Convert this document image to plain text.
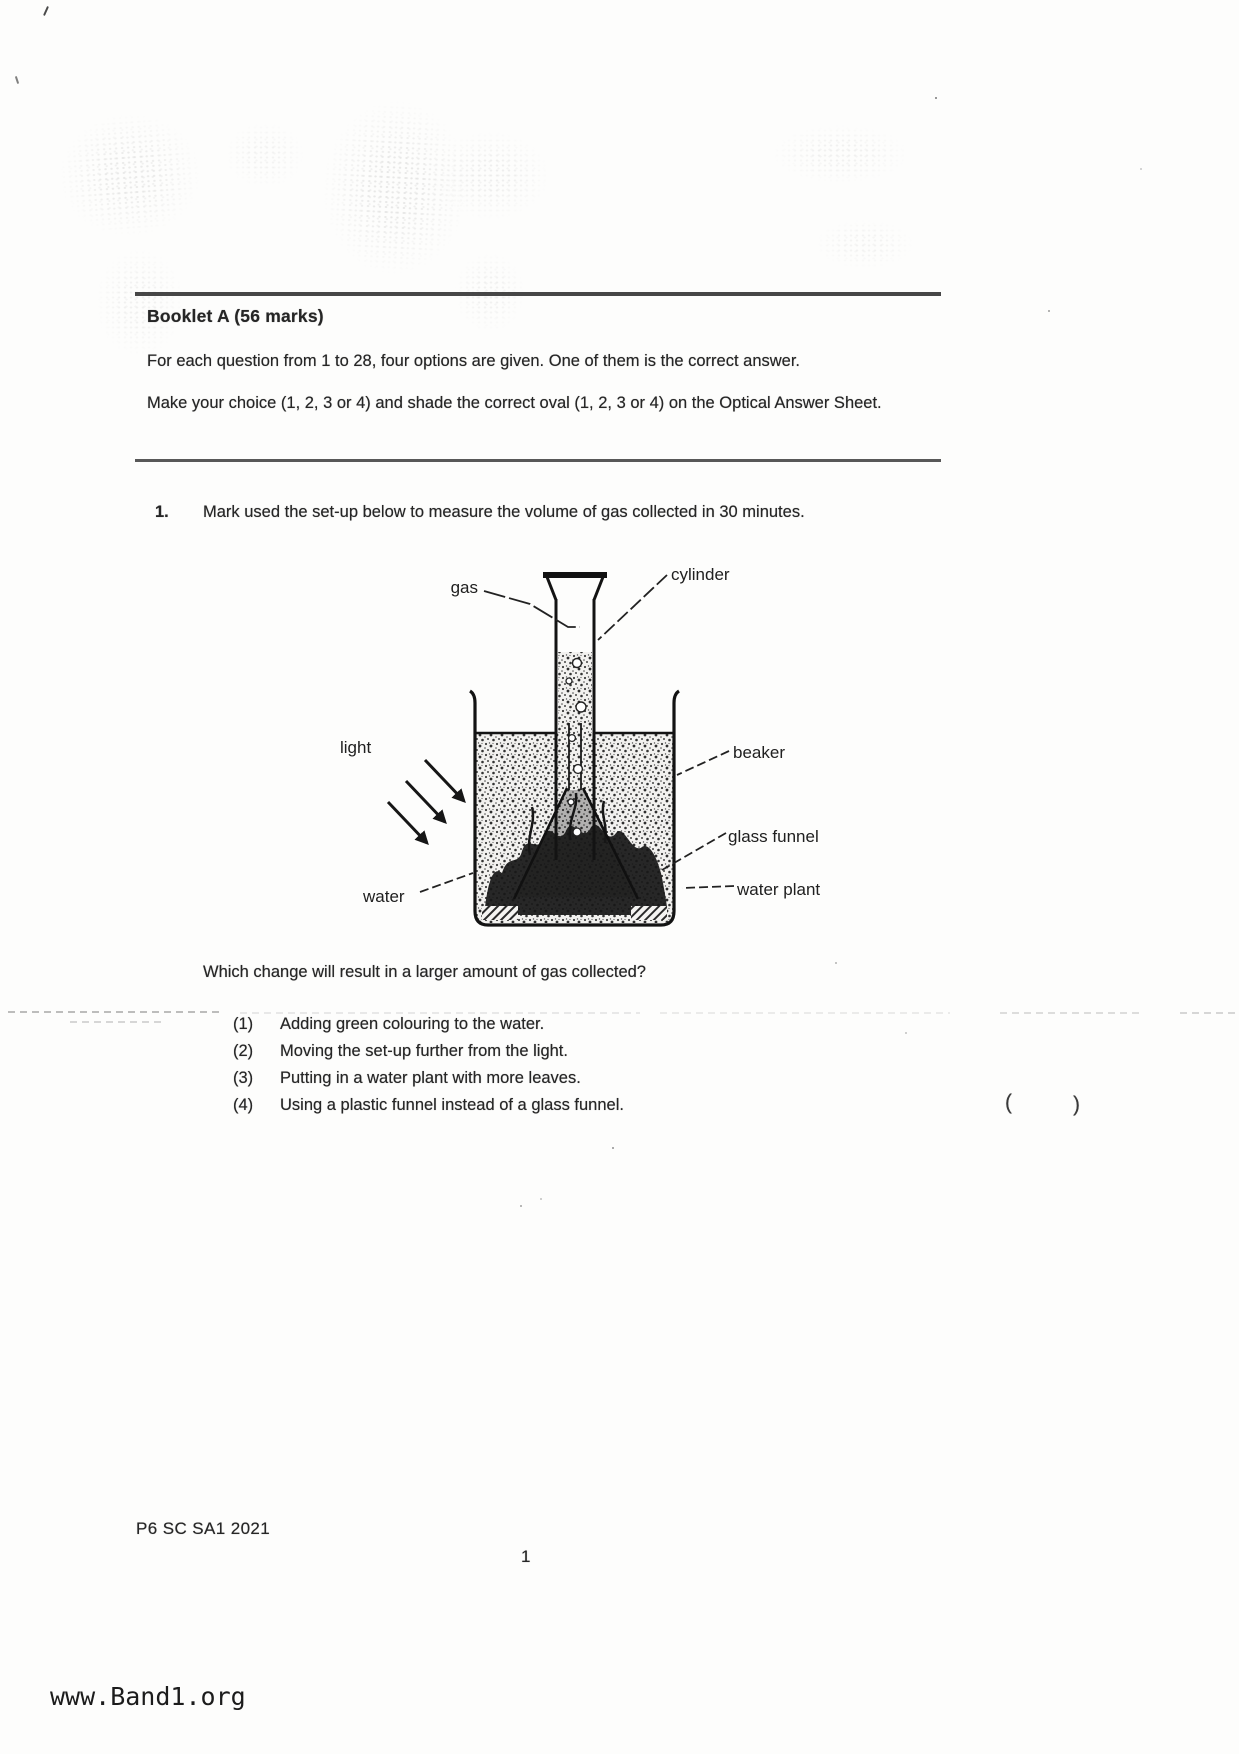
Booklet A (56 marks)
For each question from 1 to 28, four options are given. One of them is the correct answer.
Make your choice (1, 2, 3 or 4) and shade the correct oval (1, 2, 3 or 4) on the Optical Answer Sheet.
1. Mark used the set-up below to measure the volume of gas collected in 30 minutes.
gas
cylinder
light	beaker
glass funnel
water	water plant
Which change will result in a larger amount of gas collected?
(1) Adding green colouring to the water.
(2) Moving the set-up further from the light.
(3) Putting in a water plant with more leaves.
(4) Using a plastic funnel instead of a glass funnel.	(	)
P6 SC SA1 2021
1
www.Band1.org
